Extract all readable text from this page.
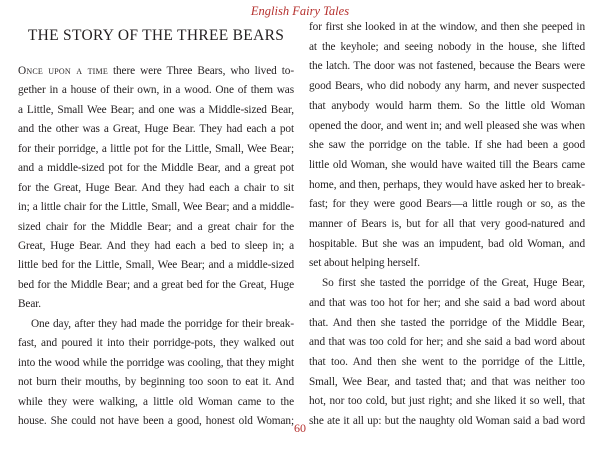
English Fairy Tales
THE STORY OF THE THREE BEARS
Once upon a time there were Three Bears, who lived to-
gether in a house of their own, in a wood. One of them was
a Little, Small Wee Bear; and one was a Middle-sized Bear,
and the other was a Great, Huge Bear. They had each a pot
for their porridge, a little pot for the Little, Small, Wee Bear;
and a middle-sized pot for the Middle Bear, and a great pot
for the Great, Huge Bear. And they had each a chair to sit
in; a little chair for the Little, Small, Wee Bear; and a middle-
sized chair for the Middle Bear; and a great chair for the
Great, Huge Bear. And they had each a bed to sleep in; a
little bed for the Little, Small, Wee Bear; and a middle-sized
bed for the Middle Bear; and a great bed for the Great, Huge
Bear.
One day, after they had made the porridge for their break-
fast, and poured it into their porridge-pots, they walked out
into the wood while the porridge was cooling, that they might
not burn their mouths, by beginning too soon to eat it. And
while they were walking, a little old Woman came to the
house. She could not have been a good, honest old Woman;
for first she looked in at the window, and then she peeped in
at the keyhole; and seeing nobody in the house, she lifted
the latch. The door was not fastened, because the Bears were
good Bears, who did nobody any harm, and never suspected
that anybody would harm them. So the little old Woman
opened the door, and went in; and well pleased she was when
she saw the porridge on the table. If she had been a good
little old Woman, she would have waited till the Bears came
home, and then, perhaps, they would have asked her to break-
fast; for they were good Bears—a little rough or so, as the
manner of Bears is, but for all that very good-natured and
hospitable. But she was an impudent, bad old Woman, and
set about helping herself.
So first she tasted the porridge of the Great, Huge Bear,
and that was too hot for her; and she said a bad word about
that. And then she tasted the porridge of the Middle Bear,
and that was too cold for her; and she said a bad word about
that too. And then she went to the porridge of the Little,
Small, Wee Bear, and tasted that; and that was neither too
hot, nor too cold, but just right; and she liked it so well, that
she ate it all up: but the naughty old Woman said a bad word
60
